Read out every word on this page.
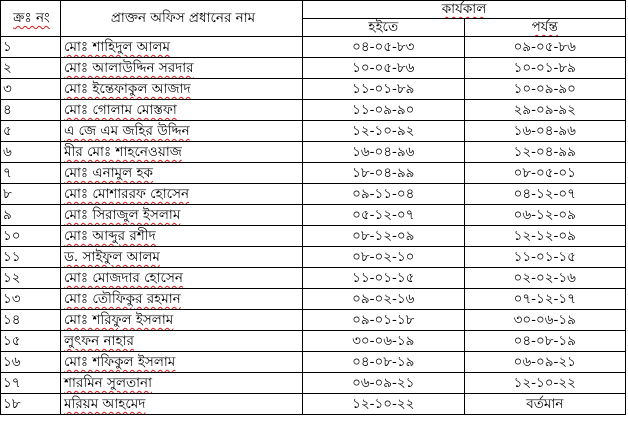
ক্রঃ নং	প্রাক্তন অফিস প্রধানের নাম	কার্যকাল	
		হইতে	পর্যন্ত
১	মোঃ শাহিদুল আলম	০৪-০৫-৮৩	০৯-০৫-৮৬
২	মোঃ আলাউদ্দিন সরদার	১০-০৫-৮৬	১০-০১-৮৯
৩	মোঃ ইন্তেফাকুল আজাদ	১১-০১-৮৯	১০-০৯-৯০
৪	মোঃ গোলাম মোস্তফা	১১-০৯-৯০	২৯-০৯-৯২
৫	এ জে এম জহির উদ্দিন	১২-১০-৯২	১৬-০৪-৯৬
৬	মীর মোঃ শাহনেওয়াজ	১৬-০৪-৯৬	১২-০৪-৯৯
৭	মোঃ এনামুল হক	১৮-০৪-৯৯	০৮-০৫-০১
৮	মোঃ মোশাররফ হোসেন	০৯-১১-০৪	০৪-১২-০৭
৯	মোঃ সিরাজুল ইসলাম	০৫-১২-০৭	০৬-১২-০৯
১০	মোঃ আব্দুর রশীদ	০৮-১২-০৯	১২-১২-০৯
১১	ড. সাইফুল আলম	০৮-০২-১০	১১-০১-১৫
১২	মোঃ মোজদার হোসেন	১১-০১-১৫	০২-০২-১৬
১৩	মোঃ তৌফিকুর রহমান	০৯-০২-১৬	০৭-১২-১৭
১৪	মোঃ শরিফুল ইসলাম	০৯-০১-১৮	৩০-০৬-১৯
১৫	লুৎফন নাহার	৩০-০৬-১৯	০৪-০৮-১৯
১৬	মোঃ শফিকুল ইসলাম	০৪-০৮-১৯	০৬-০৯-২১
১৭	শারমিন সুলতানা	০৬-০৯-২১	১২-১০-২২
১৮	মরিয়ম আহমেদ	১২-১০-২২	বর্তমান
